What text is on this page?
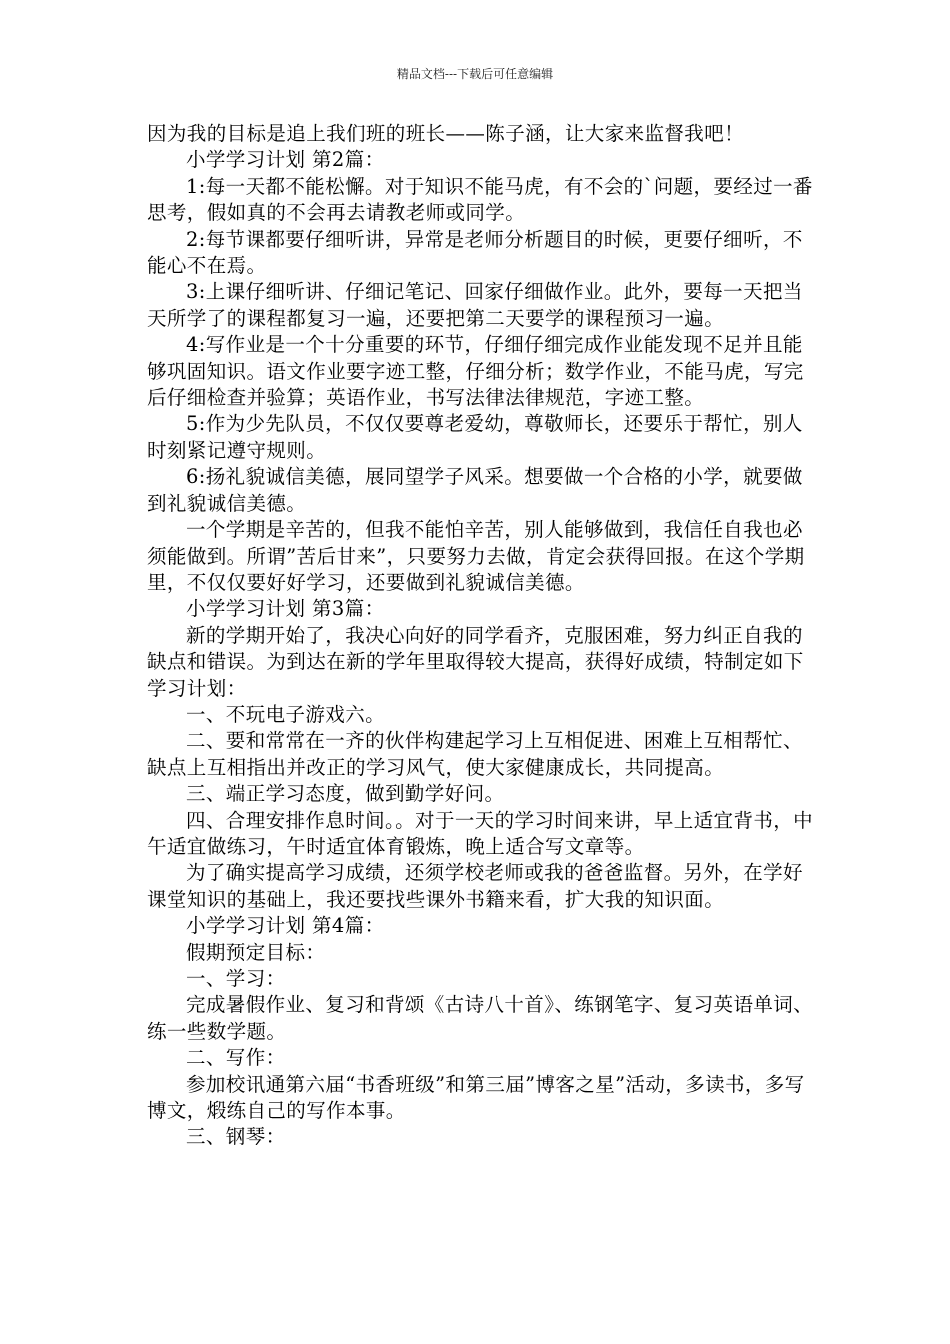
精品文档---下载后可任意编辑

因为我的目标是追上我们班的班长——陈子涵，让大家来监督我吧！

小学学习计划 第2篇：

1:每一天都不能松懈。对于知识不能马虎，有不会的`问题，要经过一番思考，假如真的不会再去请教老师或同学。

2:每节课都要仔细听讲，异常是老师分析题目的时候，更要仔细听，不能心不在焉。

3:上课仔细听讲、仔细记笔记、回家仔细做作业。此外，要每一天把当天所学了的课程都复习一遍，还要把第二天要学的课程预习一遍。

4:写作业是一个十分重要的环节，仔细仔细完成作业能发现不足并且能够巩固知识。语文作业要字迹工整，仔细分析；数学作业，不能马虎，写完后仔细检查并验算；英语作业，书写法律法律规范，字迹工整。

5:作为少先队员，不仅仅要尊老爱幼，尊敬师长，还要乐于帮忙，别人时刻紧记遵守规则。

6:扬礼貌诚信美德，展同望学子风采。想要做一个合格的小学，就要做到礼貌诚信美德。

一个学期是辛苦的，但我不能怕辛苦，别人能够做到，我信任自我也必须能做到。所谓”苦后甘来”，只要努力去做，肯定会获得回报。在这个学期里，不仅仅要好好学习，还要做到礼貌诚信美德。

小学学习计划 第3篇：

新的学期开始了，我决心向好的同学看齐，克服困难，努力纠正自我的缺点和错误。为到达在新的学年里取得较大提高，获得好成绩，特制定如下学习计划：

一、不玩电子游戏六。

二、要和常常在一齐的伙伴构建起学习上互相促进、困难上互相帮忙、缺点上互相指出并改正的学习风气，使大家健康成长，共同提高。

三、端正学习态度，做到勤学好问。

四、合理安排作息时间。。对于一天的学习时间来讲，早上适宜背书，中午适宜做练习，午时适宜体育锻炼，晚上适合写文章等。

为了确实提高学习成绩，还须学校老师或我的爸爸监督。另外，在学好课堂知识的基础上，我还要找些课外书籍来看，扩大我的知识面。

小学学习计划 第4篇：

假期预定目标：

一、学习：

完成暑假作业、复习和背颂《古诗八十首》、练钢笔字、复习英语单词、练一些数学题。

二、写作：

参加校讯通第六届“书香班级”和第三届”博客之星”活动，多读书，多写博文，煅练自己的写作本事。

三、钢琴：
